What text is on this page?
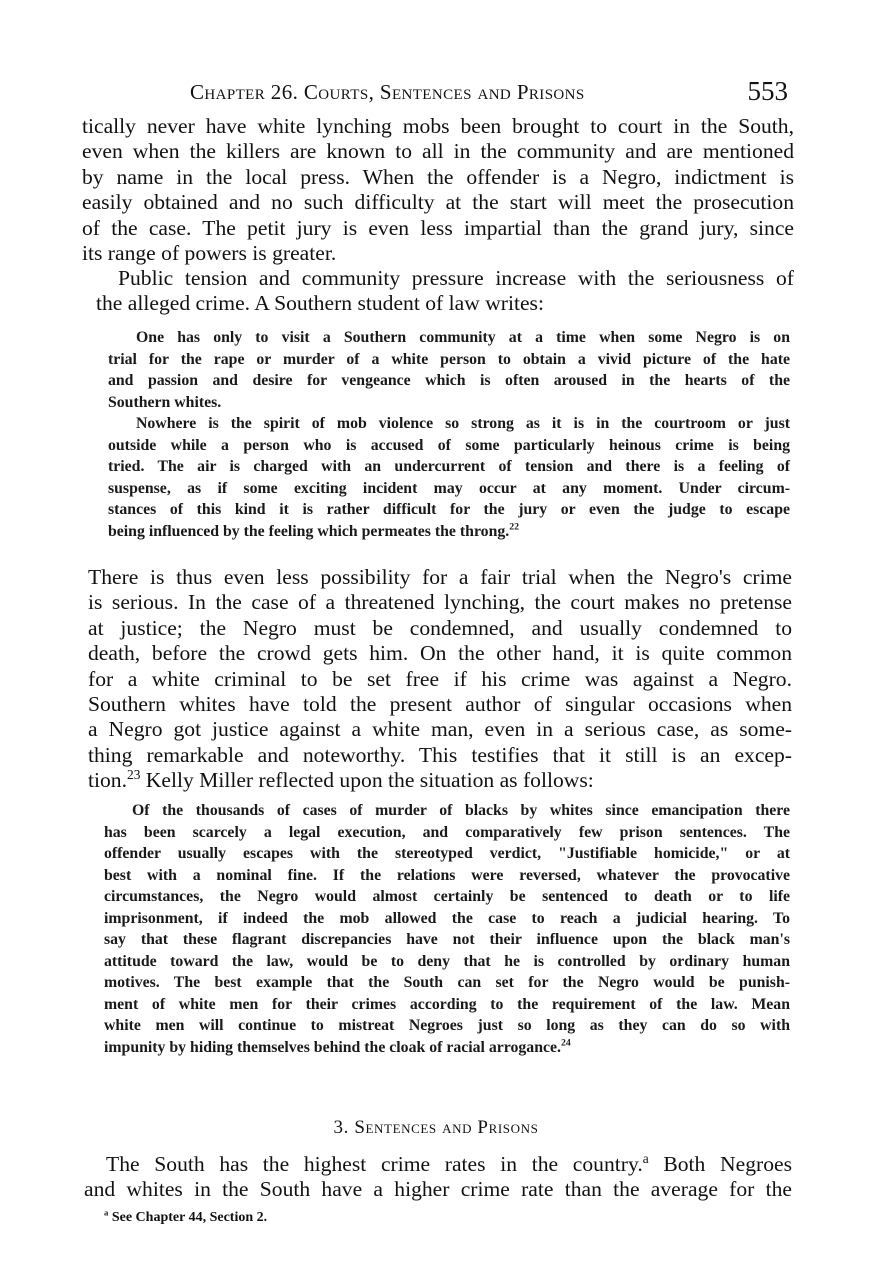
Chapter 26. Courts, Sentences and Prisons	553
tically never have white lynching mobs been brought to court in the South,
even when the killers are known to all in the community and are mentioned
by name in the local press. When the offender is a Negro, indictment is
easily obtained and no such difficulty at the start will meet the prosecution
of the case. The petit jury is even less impartial than the grand jury, since
its range of powers is greater.
Public tension and community pressure increase with the seriousness of
the alleged crime. A Southern student of law writes:
One has only to visit a Southern community at a time when some Negro is on
trial for the rape or murder of a white person to obtain a vivid picture of the hate
and passion and desire for vengeance which is often aroused in the hearts of the
Southern whites.
Nowhere is the spirit of mob violence so strong as it is in the courtroom or just
outside while a person who is accused of some particularly heinous crime is being
tried. The air is charged with an undercurrent of tension and there is a feeling of
suspense, as if some exciting incident may occur at any moment. Under circum-
stances of this kind it is rather difficult for the jury or even the judge to escape
being influenced by the feeling which permeates the throng.$^{22}$
There is thus even less possibility for a fair trial when the Negro's crime
is serious. In the case of a threatened lynching, the court makes no pretense
at justice; the Negro must be condemned, and usually condemned to
death, before the crowd gets him. On the other hand, it is quite common
for a white criminal to be set free if his crime was against a Negro.
Southern whites have told the present author of singular occasions when
a Negro got justice against a white man, even in a serious case, as some-
thing remarkable and noteworthy. This testifies that it still is an excep-
tion.$^{23}$ Kelly Miller reflected upon the situation as follows:
Of the thousands of cases of murder of blacks by whites since emancipation there
has been scarcely a legal execution, and comparatively few prison sentences. The
offender usually escapes with the stereotyped verdict, "Justifiable homicide," or at
best with a nominal fine. If the relations were reversed, whatever the provocative
circumstances, the Negro would almost certainly be sentenced to death or to life
imprisonment, if indeed the mob allowed the case to reach a judicial hearing. To
say that these flagrant discrepancies have not their influence upon the black man's
attitude toward the law, would be to deny that he is controlled by ordinary human
motives. The best example that the South can set for the Negro would be punish-
ment of white men for their crimes according to the requirement of the law. Mean
white men will continue to mistreat Negroes just so long as they can do so with
impunity by hiding themselves behind the cloak of racial arrogance.$^{24}$
3. Sentences and Prisons
The South has the highest crime rates in the country.$^a$ Both Negroes
and whites in the South have a higher crime rate than the average for the
$^a$ See Chapter 44, Section 2.
